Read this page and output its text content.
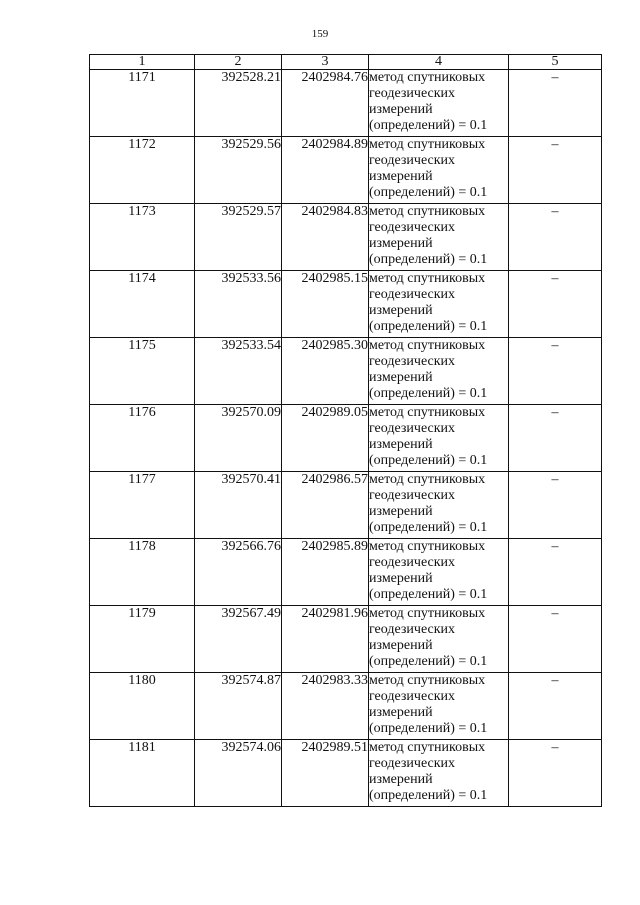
159
1	2	3	4	5
1171	392528.21	2402984.76	метод спутниковых геодезических измерений (определений) = 0.1	–
1172	392529.56	2402984.89	метод спутниковых геодезических измерений (определений) = 0.1	–
1173	392529.57	2402984.83	метод спутниковых геодезических измерений (определений) = 0.1	–
1174	392533.56	2402985.15	метод спутниковых геодезических измерений (определений) = 0.1	–
1175	392533.54	2402985.30	метод спутниковых геодезических измерений (определений) = 0.1	–
1176	392570.09	2402989.05	метод спутниковых геодезических измерений (определений) = 0.1	–
1177	392570.41	2402986.57	метод спутниковых геодезических измерений (определений) = 0.1	–
1178	392566.76	2402985.89	метод спутниковых геодезических измерений (определений) = 0.1	–
1179	392567.49	2402981.96	метод спутниковых геодезических измерений (определений) = 0.1	–
1180	392574.87	2402983.33	метод спутниковых геодезических измерений (определений) = 0.1	–
1181	392574.06	2402989.51	метод спутниковых геодезических измерений (определений) = 0.1	–
